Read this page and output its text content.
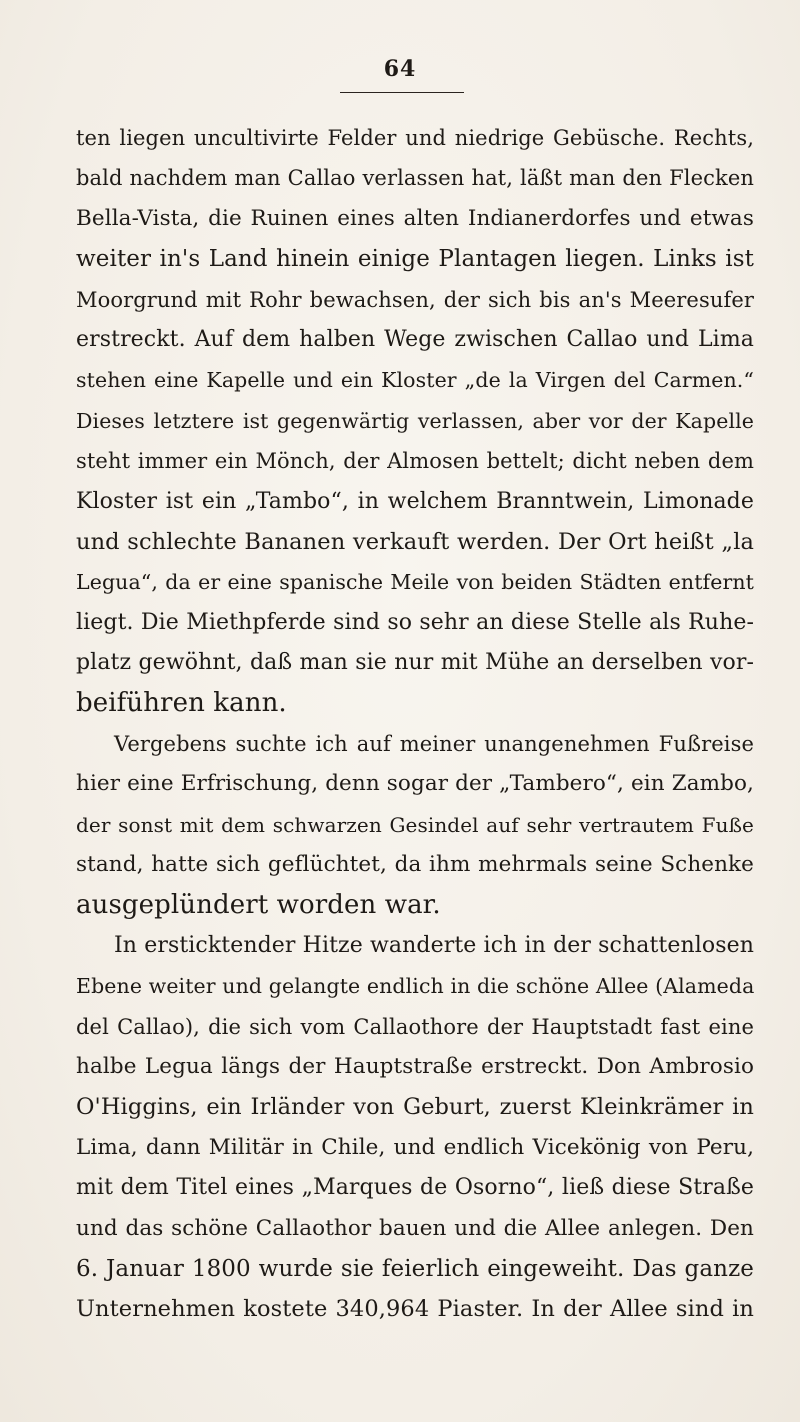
64
ten liegen uncultivirte Felder und niedrige Gebüsche. Rechts,
bald nachdem man Callao verlassen hat, läßt man den Flecken
Bella-Vista, die Ruinen eines alten Indianerdorfes und etwas
weiter in's Land hinein einige Plantagen liegen. Links ist
Moorgrund mit Rohr bewachsen, der sich bis an's Meeresufer
erstreckt. Auf dem halben Wege zwischen Callao und Lima
stehen eine Kapelle und ein Kloster „de la Virgen del Carmen.“
Dieses letztere ist gegenwärtig verlassen, aber vor der Kapelle
steht immer ein Mönch, der Almosen bettelt; dicht neben dem
Kloster ist ein „Tambo“, in welchem Branntwein, Limonade
und schlechte Bananen verkauft werden. Der Ort heißt „la
Legua“, da er eine spanische Meile von beiden Städten entfernt
liegt. Die Miethpferde sind so sehr an diese Stelle als Ruhe-
platz gewöhnt, daß man sie nur mit Mühe an derselben vor-
beiführen kann.
Vergebens suchte ich auf meiner unangenehmen Fußreise
hier eine Erfrischung, denn sogar der „Tambero“, ein Zambo,
der sonst mit dem schwarzen Gesindel auf sehr vertrautem Fuße
stand, hatte sich geflüchtet, da ihm mehrmals seine Schenke
ausgeplündert worden war.
In ersticktender Hitze wanderte ich in der schattenlosen
Ebene weiter und gelangte endlich in die schöne Allee (Alameda
del Callao), die sich vom Callaothore der Hauptstadt fast eine
halbe Legua längs der Hauptstraße erstreckt. Don Ambrosio
O'Higgins, ein Irländer von Geburt, zuerst Kleinkrämer in
Lima, dann Militär in Chile, und endlich Vicekönig von Peru,
mit dem Titel eines „Marques de Osorno“, ließ diese Straße
und das schöne Callaothor bauen und die Allee anlegen. Den
6. Januar 1800 wurde sie feierlich eingeweiht. Das ganze
Unternehmen kostete 340,964 Piaster. In der Allee sind in
